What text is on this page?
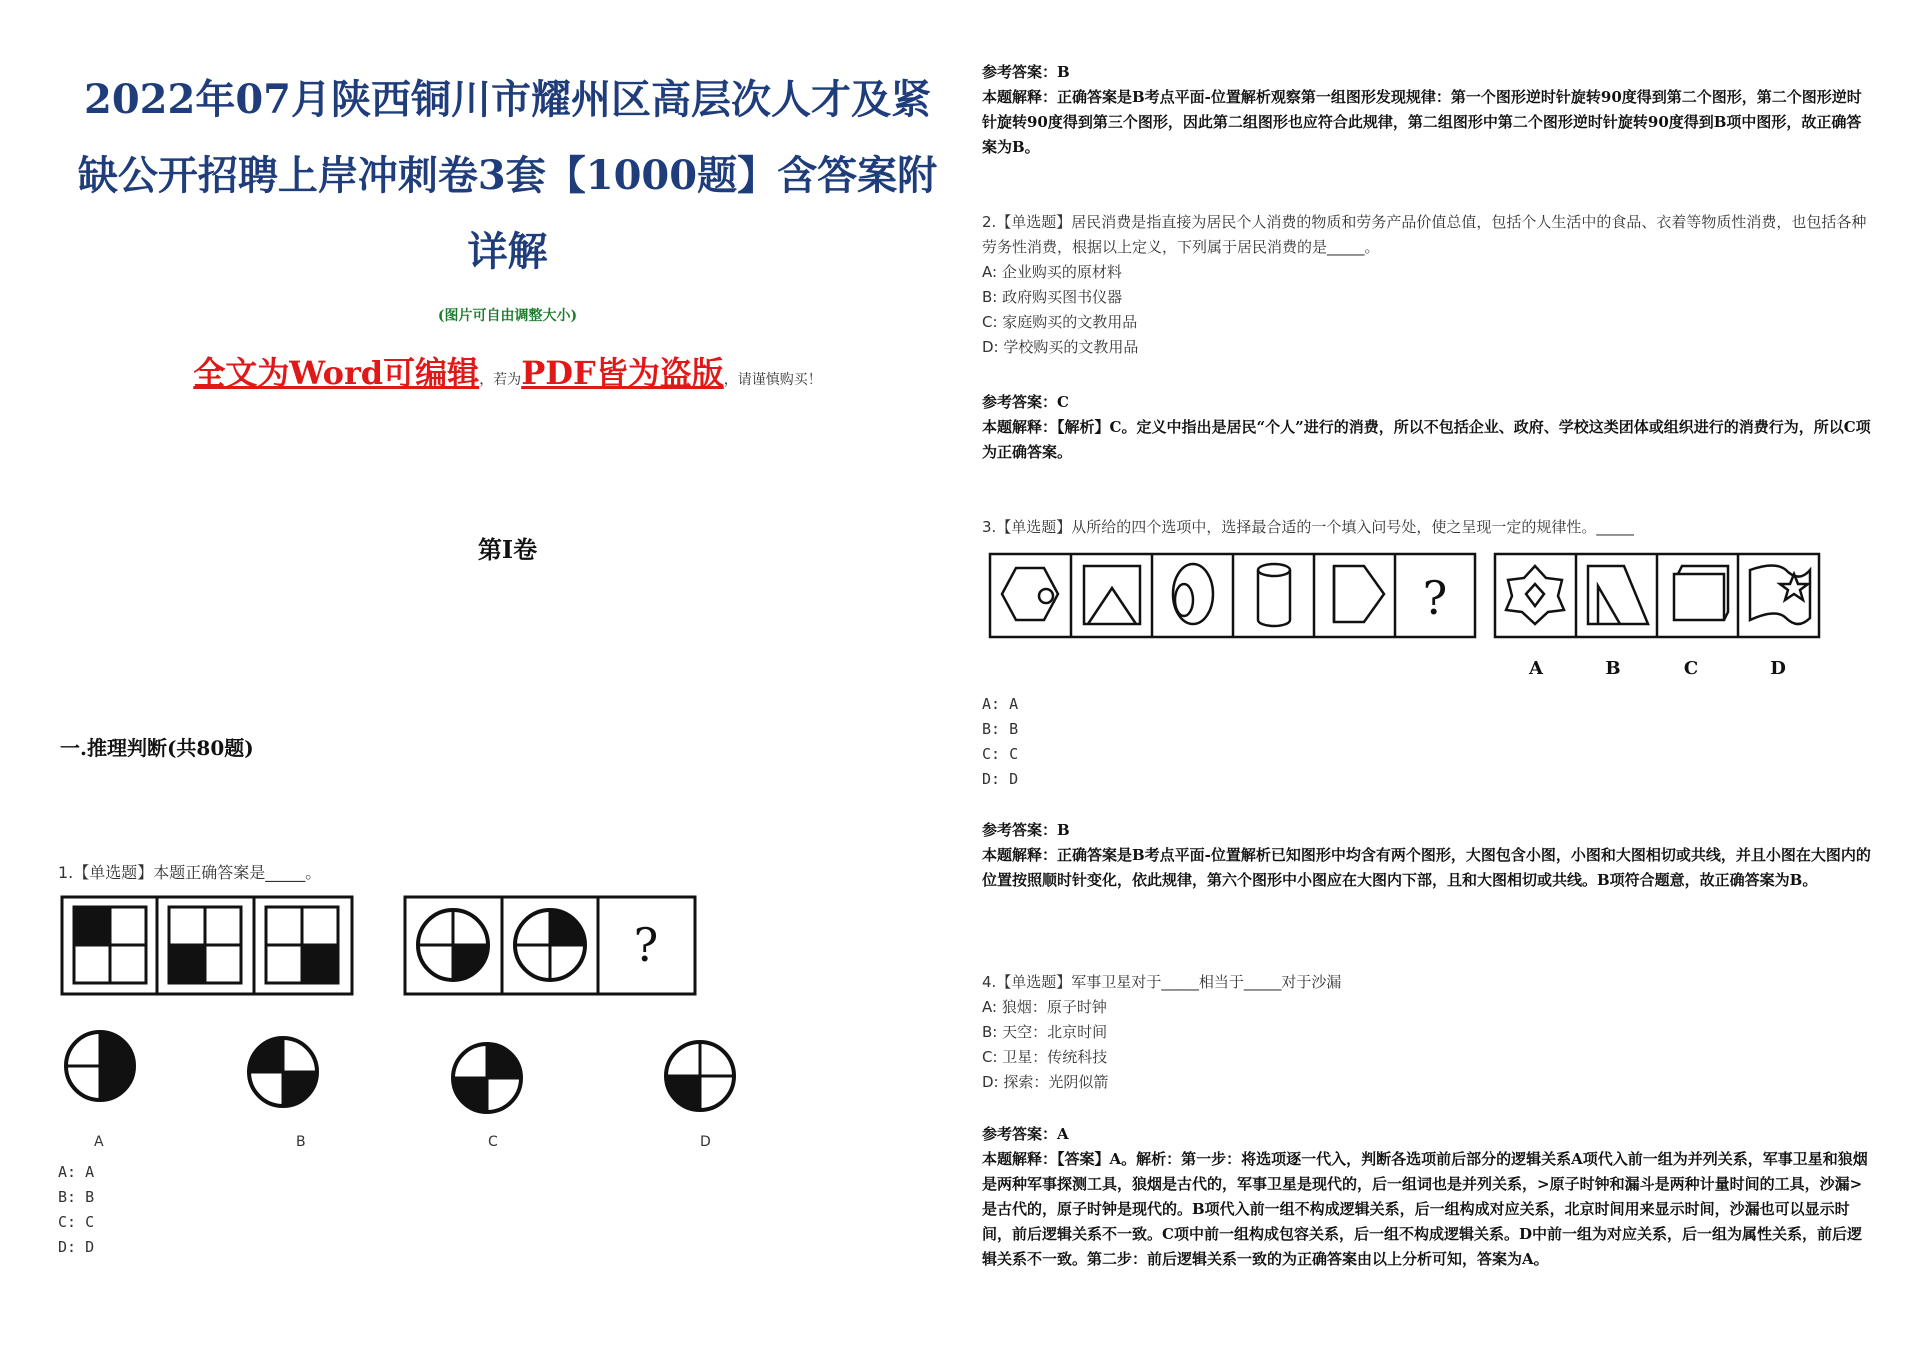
2022年07月陕西铜川市耀州区高层次人才及紧
缺公开招聘上岸冲刺卷3套【1000题】含答案附

详解
(图片可自由调整大小)
全文为Word可编辑，若为PDF皆为盗版，请谨慎购买！
第I卷
一.推理判断(共80题)
1.【单选题】本题正确答案是_____。
?
A	B	C	D
A: A
B: B
C: C
D: D
参考答案：B
本题解释：正确答案是B考点平面-位置解析观察第一组图形发现规律：第一个图形逆时针旋转90度得到第二个图形，第二个图形逆时针旋转90度得到第三个图形，因此第二组图形也应符合此规律，第二组图形中第二个图形逆时针旋转90度得到B项中图形，故正确答案为B。
2.【单选题】居民消费是指直接为居民个人消费的物质和劳务产品价值总值，包括个人生活中的食品、衣着等物质性消费，也包括各种劳务性消费，根据以上定义，下列属于居民消费的是_____。
A: 企业购买的原材料
B: 政府购买图书仪器
C: 家庭购买的文教用品
D: 学校购买的文教用品
参考答案：C
本题解释：【解析】C。定义中指出是居民“个人”进行的消费，所以不包括企业、政府、学校这类团体或组织进行的消费行为，所以C项为正确答案。
3.【单选题】从所给的四个选项中，选择最合适的一个填入问号处，使之呈现一定的规律性。_____
?
A	B	C	D
A: A
B: B
C: C
D: D
参考答案：B
本题解释：正确答案是B考点平面-位置解析已知图形中均含有两个图形，大图包含小图，小图和大图相切或共线，并且小图在大图内的位置按照顺时针变化，依此规律，第六个图形中小图应在大图内下部，且和大图相切或共线。B项符合题意，故正确答案为B。
4.【单选题】军事卫星对于_____相当于_____对于沙漏
A: 狼烟：原子时钟
B: 天空：北京时间
C: 卫星：传统科技
D: 探索：光阴似箭
参考答案：A
本题解释：【答案】A。解析：第一步：将选项逐一代入，判断各选项前后部分的逻辑关系A项代入前一组为并列关系，军事卫星和狼烟是两种军事探测工具，狼烟是古代的，军事卫星是现代的，后一组词也是并列关系，>原子时钟和漏斗是两种计量时间的工具，沙漏>是古代的，原子时钟是现代的。B项代入前一组不构成逻辑关系，后一组构成对应关系，北京时间用来显示时间，沙漏也可以显示时间，前后逻辑关系不一致。C项中前一组构成包容关系，后一组不构成逻辑关系。D中前一组为对应关系，后一组为属性关系，前后逻辑关系不一致。第二步：前后逻辑关系一致的为正确答案由以上分析可知，答案为A。
